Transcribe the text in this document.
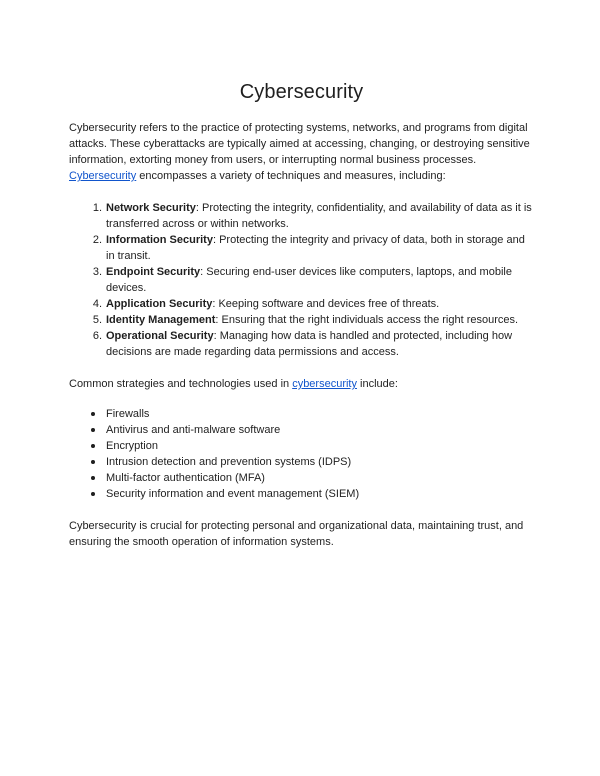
Cybersecurity

Cybersecurity refers to the practice of protecting systems, networks, and programs from digital attacks. These cyberattacks are typically aimed at accessing, changing, or destroying sensitive information, extorting money from users, or interrupting normal business processes. Cybersecurity encompasses a variety of techniques and measures, including:

Network Security: Protecting the integrity, confidentiality, and availability of data as it is transferred across or within networks.
Information Security: Protecting the integrity and privacy of data, both in storage and in transit.
Endpoint Security: Securing end-user devices like computers, laptops, and mobile devices.
Application Security: Keeping software and devices free of threats.
Identity Management: Ensuring that the right individuals access the right resources.
Operational Security: Managing how data is handled and protected, including how decisions are made regarding data permissions and access.

Common strategies and technologies used in cybersecurity include:

Firewalls
Antivirus and anti-malware software
Encryption
Intrusion detection and prevention systems (IDPS)
Multi-factor authentication (MFA)
Security information and event management (SIEM)

Cybersecurity is crucial for protecting personal and organizational data, maintaining trust, and ensuring the smooth operation of information systems.
